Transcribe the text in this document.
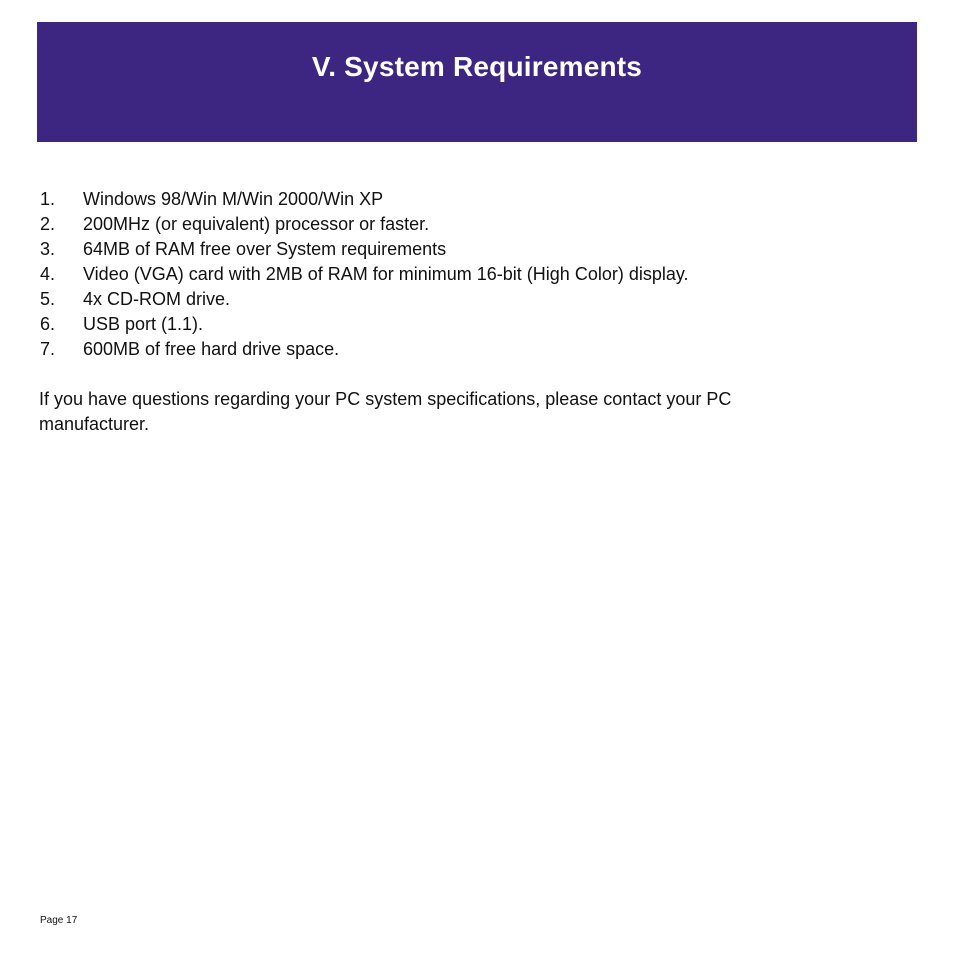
V. System Requirements
1.	Windows 98/Win M/Win 2000/Win XP
2.	200MHz (or equivalent) processor or faster.
3.	64MB of RAM free over System requirements
4.	Video (VGA) card with 2MB of RAM for minimum 16-bit (High Color) display.
5.	4x CD-ROM drive.
6.	USB port (1.1).
7.	600MB of free hard drive space.

If you have questions regarding your PC system specifications, please contact your PC manufacturer.

Page 17
